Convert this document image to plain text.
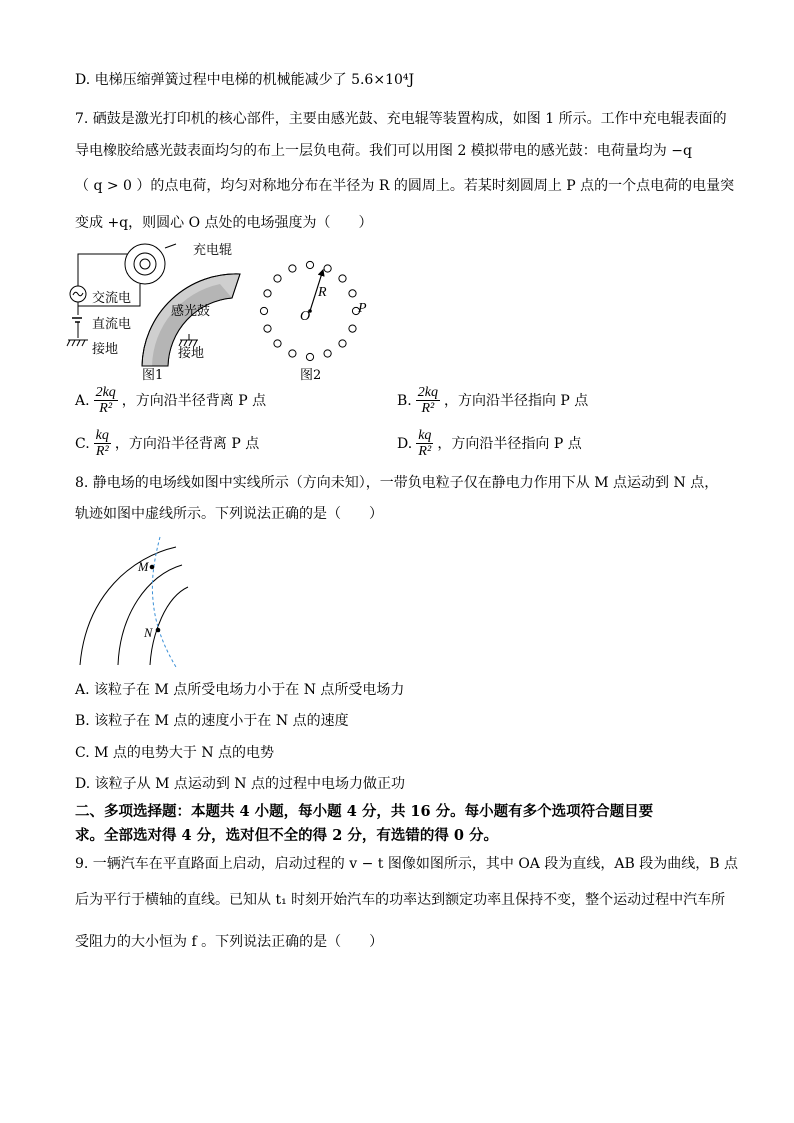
D. 电梯压缩弹簧过程中电梯的机械能减少了 5.6×10⁴J
7. 硒鼓是激光打印机的核心部件，主要由感光鼓、充电辊等装置构成，如图 1 所示。工作中充电辊表面的
导电橡胶给感光鼓表面均匀的布上一层负电荷。我们可以用图 2 模拟带电的感光鼓：电荷量均为 −q
（ q > 0 ）的点电荷，均匀对称地分布在半径为 R 的圆周上。若某时刻圆周上 P 点的一个点电荷的电量突
变成 +q，则圆心 O 点处的电场强度为（　　）
充电辊
交流电
直流电
接地
感光鼓
接地
图1
R
O
P
图2
A. $\frac{2kq}{\text{R²}}$ ，方向沿半径背离 P 点	B. $\frac{2kq}{\text{R²}}$ ，方向沿半径指向 P 点
C. $\frac{kq}{\text{R²}}$ ，方向沿半径背离 P 点	D. $\frac{kq}{\text{R²}}$ ，方向沿半径指向 P 点
8. 静电场的电场线如图中实线所示（方向未知），一带负电粒子仅在静电力作用下从 M 点运动到 N 点，
轨迹如图中虚线所示。下列说法正确的是（　　）
M
N
A. 该粒子在 M 点所受电场力小于在 N 点所受电场力
B. 该粒子在 M 点的速度小于在 N 点的速度
C. M 点的电势大于 N 点的电势
D. 该粒子从 M 点运动到 N 点的过程中电场力做正功
二、多项选择题：本题共 4 小题，每小题 4 分，共 16 分。每小题有多个选项符合题目要
求。全部选对得 4 分，选对但不全的得 2 分，有选错的得 0 分。
9. 一辆汽车在平直路面上启动，启动过程的 v − t 图像如图所示，其中 OA 段为直线，AB 段为曲线，B 点
后为平行于横轴的直线。已知从 t₁ 时刻开始汽车的功率达到额定功率且保持不变，整个运动过程中汽车所
受阻力的大小恒为 f 。下列说法正确的是（　　）
